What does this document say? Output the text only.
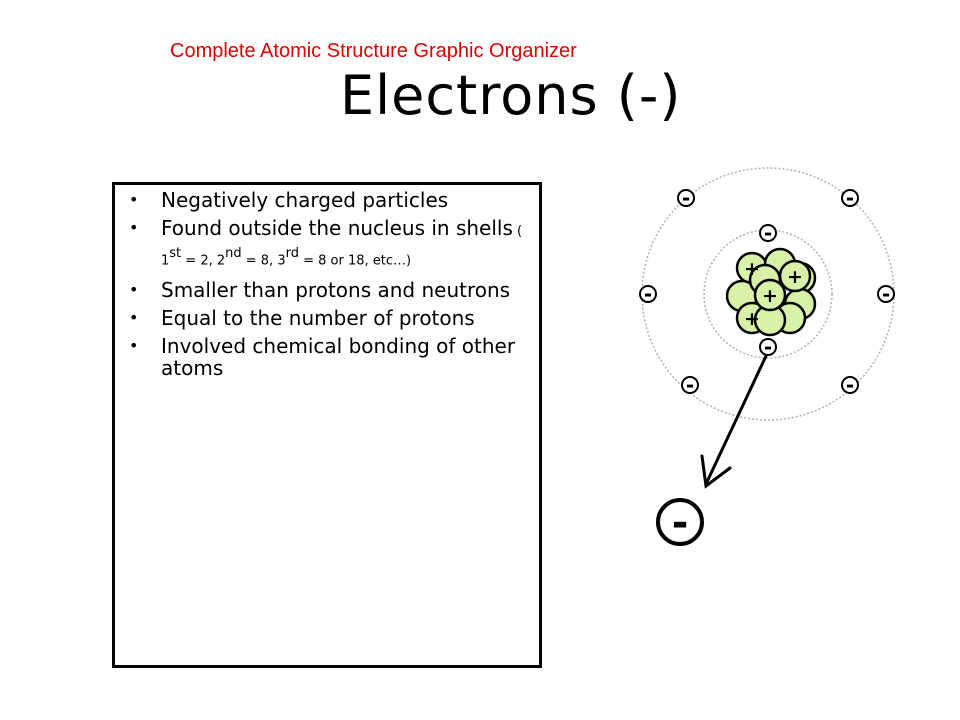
Complete Atomic Structure Graphic Organizer
Electrons (-)
• Negatively charged particles
• Found outside the nucleus in shells ( 1st = 2, 2nd = 8, 3rd = 8 or 18, etc…)
• Smaller than protons and neutrons
• Equal to the number of protons
• Involved chemical bonding of other atoms
+ +
+
+
-	-
-
-	-
-
-	-
-
